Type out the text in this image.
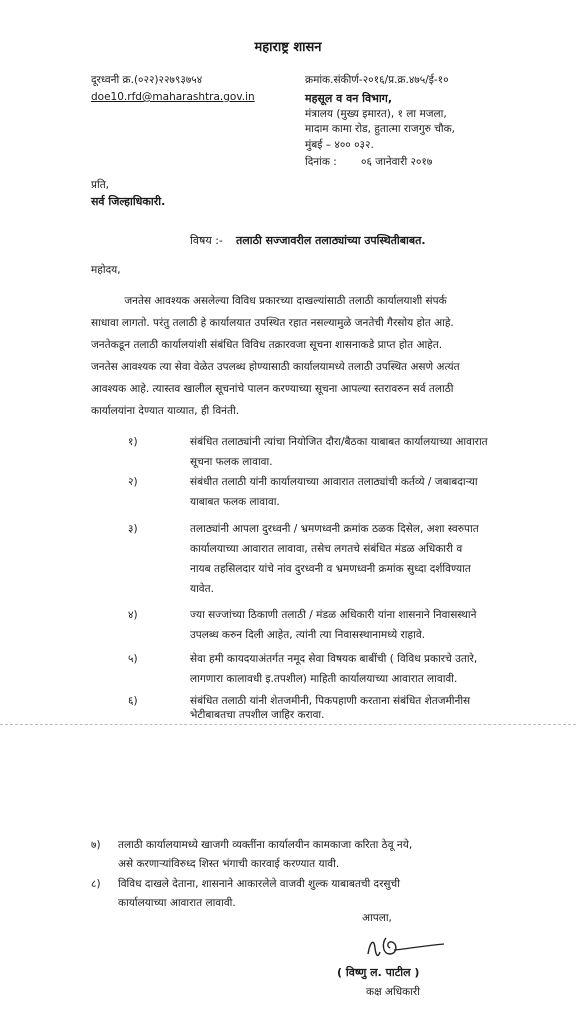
महाराष्ट्र शासन
दूरध्वनी क्र.(०२२)२२७९३७५४
doe10.rfd@maharashtra.gov.in
क्रमांक.संकीर्ण-२०१६/प्र.क्र.४७५/ई-१०
महसूल व वन विभाग,
मंत्रालय (मुख्य इमारत), १ ला मजला,
मादाम कामा रोड, हुतात्मा राजगुरु चौक,
मुंबई – ४०० ०३२.
दिनांक : ०६ जानेवारी २०१७
प्रति,
सर्व जिल्हाधिकारी.
विषय :- तलाठी सज्जावरील तलाठ्यांच्या उपस्थितीबाबत.
महोदय,
जनतेस आवश्यक असलेल्या विविध प्रकारच्या दाखल्यांसाठी तलाठी कार्यालयाशी संपर्क
साधावा लागतो. परंतु तलाठी हे कार्यालयात उपस्थित रहात नसल्यामुळे जनतेची गैरसोय होत आहे.
जनतेकडून तलाठी कार्यालयांशी संबंधित विविध तक्रारवजा सूचना शासनाकडे प्राप्त होत आहेत.
जनतेस आवश्यक त्या सेवा वेळेत उपलब्ध होण्यासाठी कार्यालयामध्ये तलाठी उपस्थित असणे अत्यंत
आवश्यक आहे. त्यास्तव खालील सूचनांचे पालन करण्याच्या सूचना आपल्या स्तरावरुन सर्व तलाठी
कार्यालयांना देण्यात याव्यात, ही विनंती.
१)	संबंधित तलाठ्यांनी त्यांचा नियोजित दौरा/बैठका याबाबत कार्यालयाच्या आवारात
सूचना फलक लावावा.
२)	संबंधीत तलाठी यांनी कार्यालयाच्या आवारात तलाठ्यांची कर्तव्ये / जबाबदाऱ्या
याबाबत फलक लावावा.
३)	तलाठ्यांनी आपला दुरध्वनी / भ्रमणध्वनी क्रमांक ठळक दिसेल, अशा स्वरुपात
कार्यालयाच्या आवारात लावावा, तसेच लगतचे संबंधित मंडळ अधिकारी व
नायब तहसिलदार यांचे नांव दुरध्वनी व भ्रमणध्वनी क्रमांक सुध्दा दर्शविण्यात
यावेत.
४)	ज्या सज्जांच्या ठिकाणी तलाठी / मंडळ अधिकारी यांना शासनाने निवासस्थाने
उपलब्ध करुन दिली आहेत, त्यांनी त्या निवासस्थानामध्ये राहावे.
५)	सेवा हमी कायदयाअंतर्गत नमूद सेवा विषयक बाबींची ( विविध प्रकारचे उतारे,
लागणारा कालावधी इ.तपशील) माहिती कार्यालयाच्या आवारात लावावी.
६)	संबंधित तलाठी यांनी शेतजमीनी, पिकपहाणी करताना संबंधित शेतजमीनीस
भेटीबाबतचा तपशील जाहिर करावा.
७) तलाठी कार्यालयामध्ये खाजगी व्यक्तींना कार्यालयीन कामकाजा करिता ठेवू नये,
असे करणाऱ्यांविरुध्द शिस्त भंगाची कारवाई करण्यात यावी.
८) विविध दाखले देताना, शासनाने आकारलेले वाजवी शुल्क याबाबतची दरसुची
कार्यालयाच्या आवारात लावावी.
आपला,
( विष्णु ल. पाटील )
कक्ष अधिकारी
